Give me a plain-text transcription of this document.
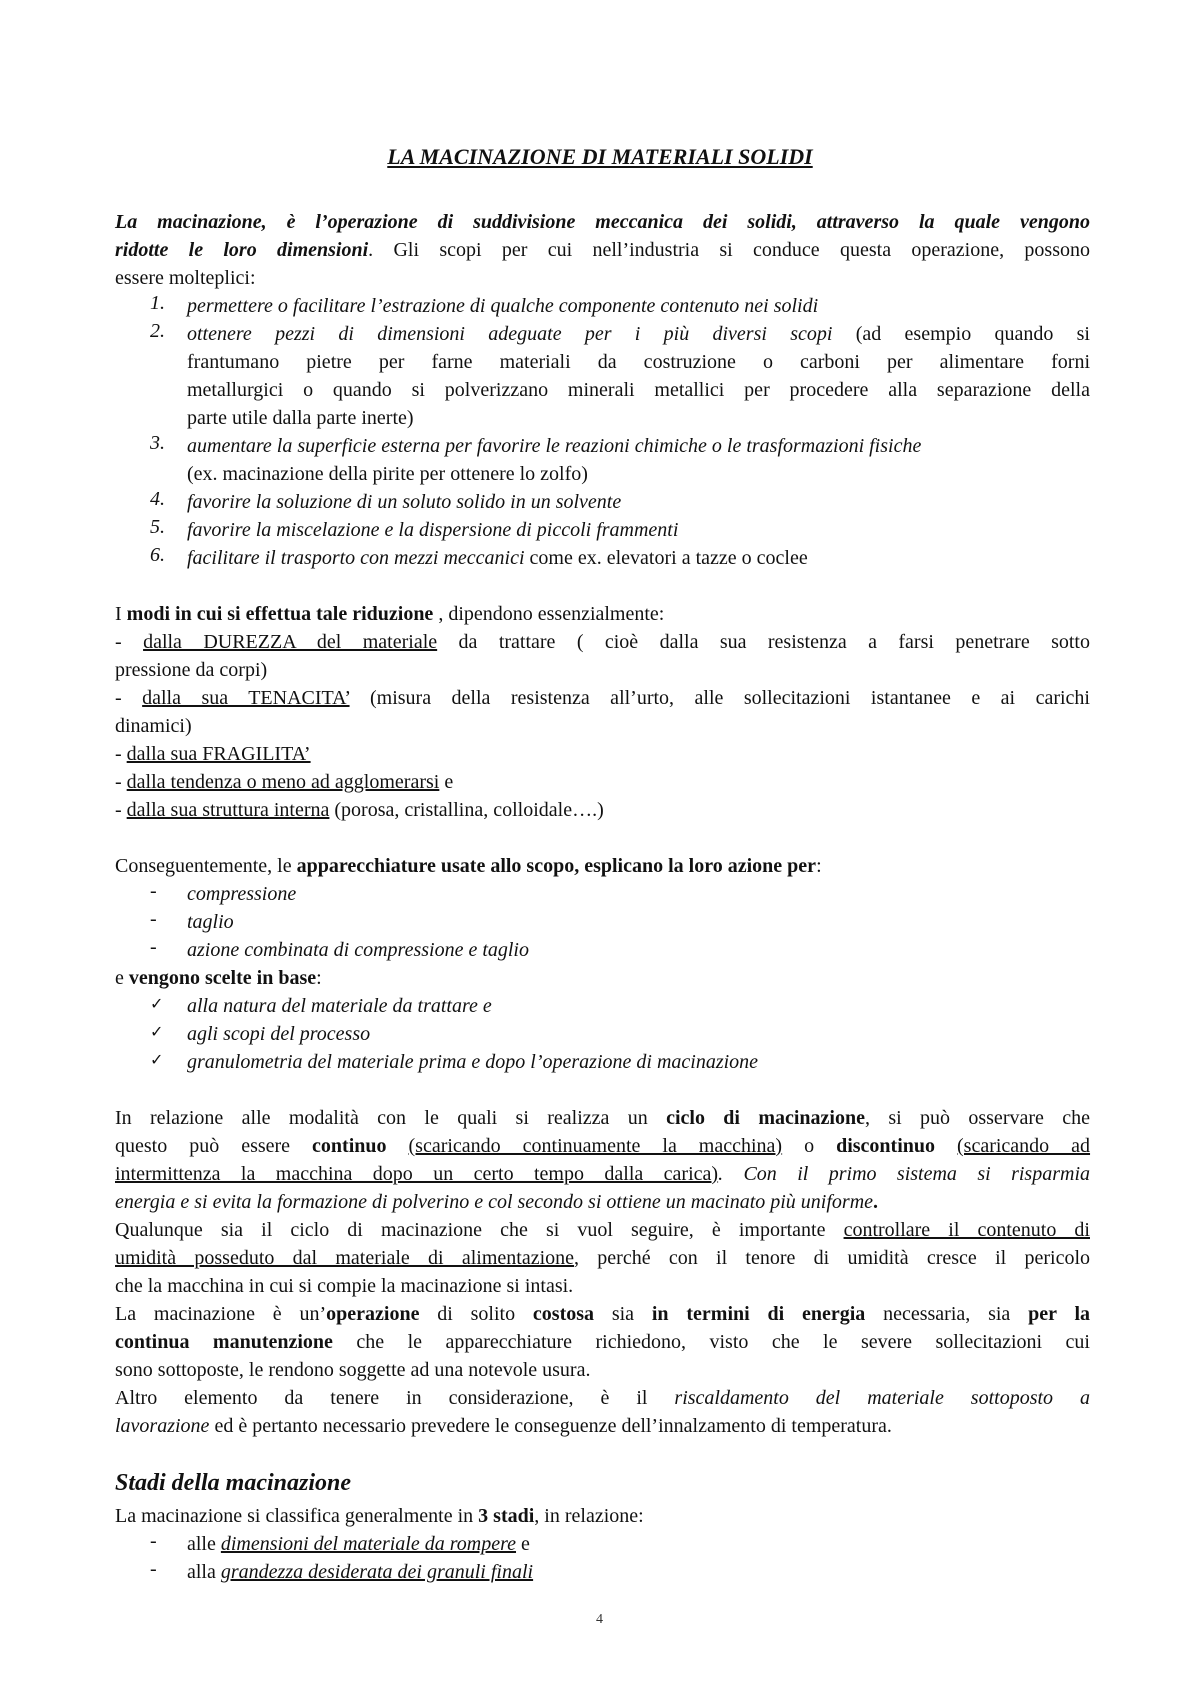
LA MACINAZIONE DI MATERIALI SOLIDI
La macinazione, è l’operazione di suddivisione meccanica dei solidi, attraverso la quale vengono
ridotte le loro dimensioni. Gli scopi per cui nell’industria si conduce questa operazione, possono
essere molteplici:
1.	permettere o facilitare l’estrazione di qualche componente contenuto nei solidi
2.	ottenere pezzi di dimensioni adeguate per i più diversi scopi (ad esempio quando si
frantumano pietre per farne materiali da costruzione o carboni per alimentare forni
metallurgici o quando si polverizzano minerali metallici per procedere alla separazione della
parte utile dalla parte inerte)
3.	aumentare la superficie esterna per favorire le reazioni chimiche o le trasformazioni fisiche
(ex. macinazione della pirite per ottenere lo zolfo)
4.	favorire la soluzione di un soluto solido in un solvente
5.	favorire la miscelazione e la dispersione di piccoli frammenti
6.	facilitare il trasporto con mezzi meccanici come ex. elevatori a tazze o coclee
I modi in cui si effettua tale riduzione , dipendono essenzialmente:
- dalla DUREZZA del materiale da trattare ( cioè dalla sua resistenza a farsi penetrare sotto
pressione da corpi)
- dalla sua TENACITA’ (misura della resistenza all’urto, alle sollecitazioni istantanee e ai carichi
dinamici)
- dalla sua FRAGILITA’
- dalla tendenza o meno ad agglomerarsi e
- dalla sua struttura interna (porosa, cristallina, colloidale….)
Conseguentemente, le apparecchiature usate allo scopo, esplicano la loro azione per:
- compressione
- taglio
- azione combinata di compressione e taglio
e vengono scelte in base:
✓ alla natura del materiale da trattare e
✓ agli scopi del processo
✓ granulometria del materiale prima e dopo l’operazione di macinazione
In relazione alle modalità con le quali si realizza un ciclo di macinazione, si può osservare che
questo può essere continuo (scaricando continuamente la macchina) o discontinuo (scaricando ad
intermittenza la macchina dopo un certo tempo dalla carica). Con il primo sistema si risparmia
energia e si evita la formazione di polverino e col secondo si ottiene un macinato più uniforme.
Qualunque sia il ciclo di macinazione che si vuol seguire, è importante controllare il contenuto di
umidità posseduto dal materiale di alimentazione, perché con il tenore di umidità cresce il pericolo
che la macchina in cui si compie la macinazione si intasi.
La macinazione è un’operazione di solito costosa sia in termini di energia necessaria, sia per la
continua manutenzione che le apparecchiature richiedono, visto che le severe sollecitazioni cui
sono sottoposte, le rendono soggette ad una notevole usura.
Altro elemento da tenere in considerazione, è il riscaldamento del materiale sottoposto a
lavorazione ed è pertanto necessario prevedere le conseguenze dell’innalzamento di temperatura.
Stadi della macinazione
La macinazione si classifica generalmente in 3 stadi, in relazione:
- alle dimensioni del materiale da rompere e
- alla grandezza desiderata dei granuli finali
4
